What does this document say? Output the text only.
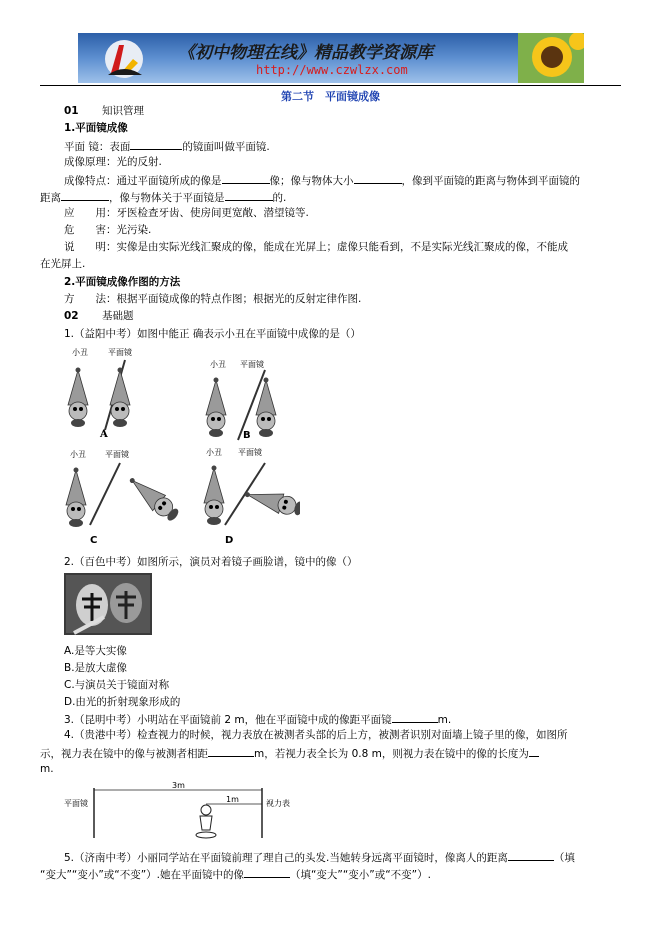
《初中物理在线》精品教学资源库
http://www.czwlzx.com
第二节　平面镜成像
01 知识管理
1.平面镜成像
平面 镜：表面	的镜面叫做平面镜.
成像原理：光的反射.
成像特点：通过平面镜所成的像是	像；像与物体大小	，像到平面镜的距离与物体到平面镜的
距离	，像与物体关于平面镜是	的.
应　　用：牙医检查牙齿、使房间更宽敞、潜望镜等.
危　　害：光污染.
说　　明：实像是由实际光线汇聚成的像，能成在光屏上；虚像只能看到，不是实际光线汇聚成的像，不能成
在光屏上.
2.平面镜成像作图的方法
方　　法：根据平面镜成像的特点作图；根据光的反射定律作图.
02 基础题
1.（益阳中考）如图中能正 确表示小丑在平面镜中成像的是（）
小丑	平面镜
A
小丑 平面镜
B
小丑 平面镜
C
小丑 平面镜
D
2.（百色中考）如图所示，演员对着镜子画脸谱，镜中的像（）
A.是等大实像
B.是放大虚像
C.与演员关于镜面对称
D.由光的折射现象形成的
3.（昆明中考）小明站在平面镜前 2 m，他在平面镜中成的像距平面镜	m.
4.（贵港中考）检查视力的时候，视力表放在被测者头部的后上方，被测者识别对面墙上镜子里的像，如图所
示，视力表在镜中的像与被测者相距	m，若视力表全长为 0.8 m，则视力表在镜中的像的长度为
m.
平面镜
3m
1m	视力表
5.（济南中考）小丽同学站在平面镜前理了理自己的头发.当她转身远离平面镜时，像离人的距离	（填
“变大”“变小”或“不变”）.她在平面镜中的像	（填“变大”“变小”或“不变”）.
